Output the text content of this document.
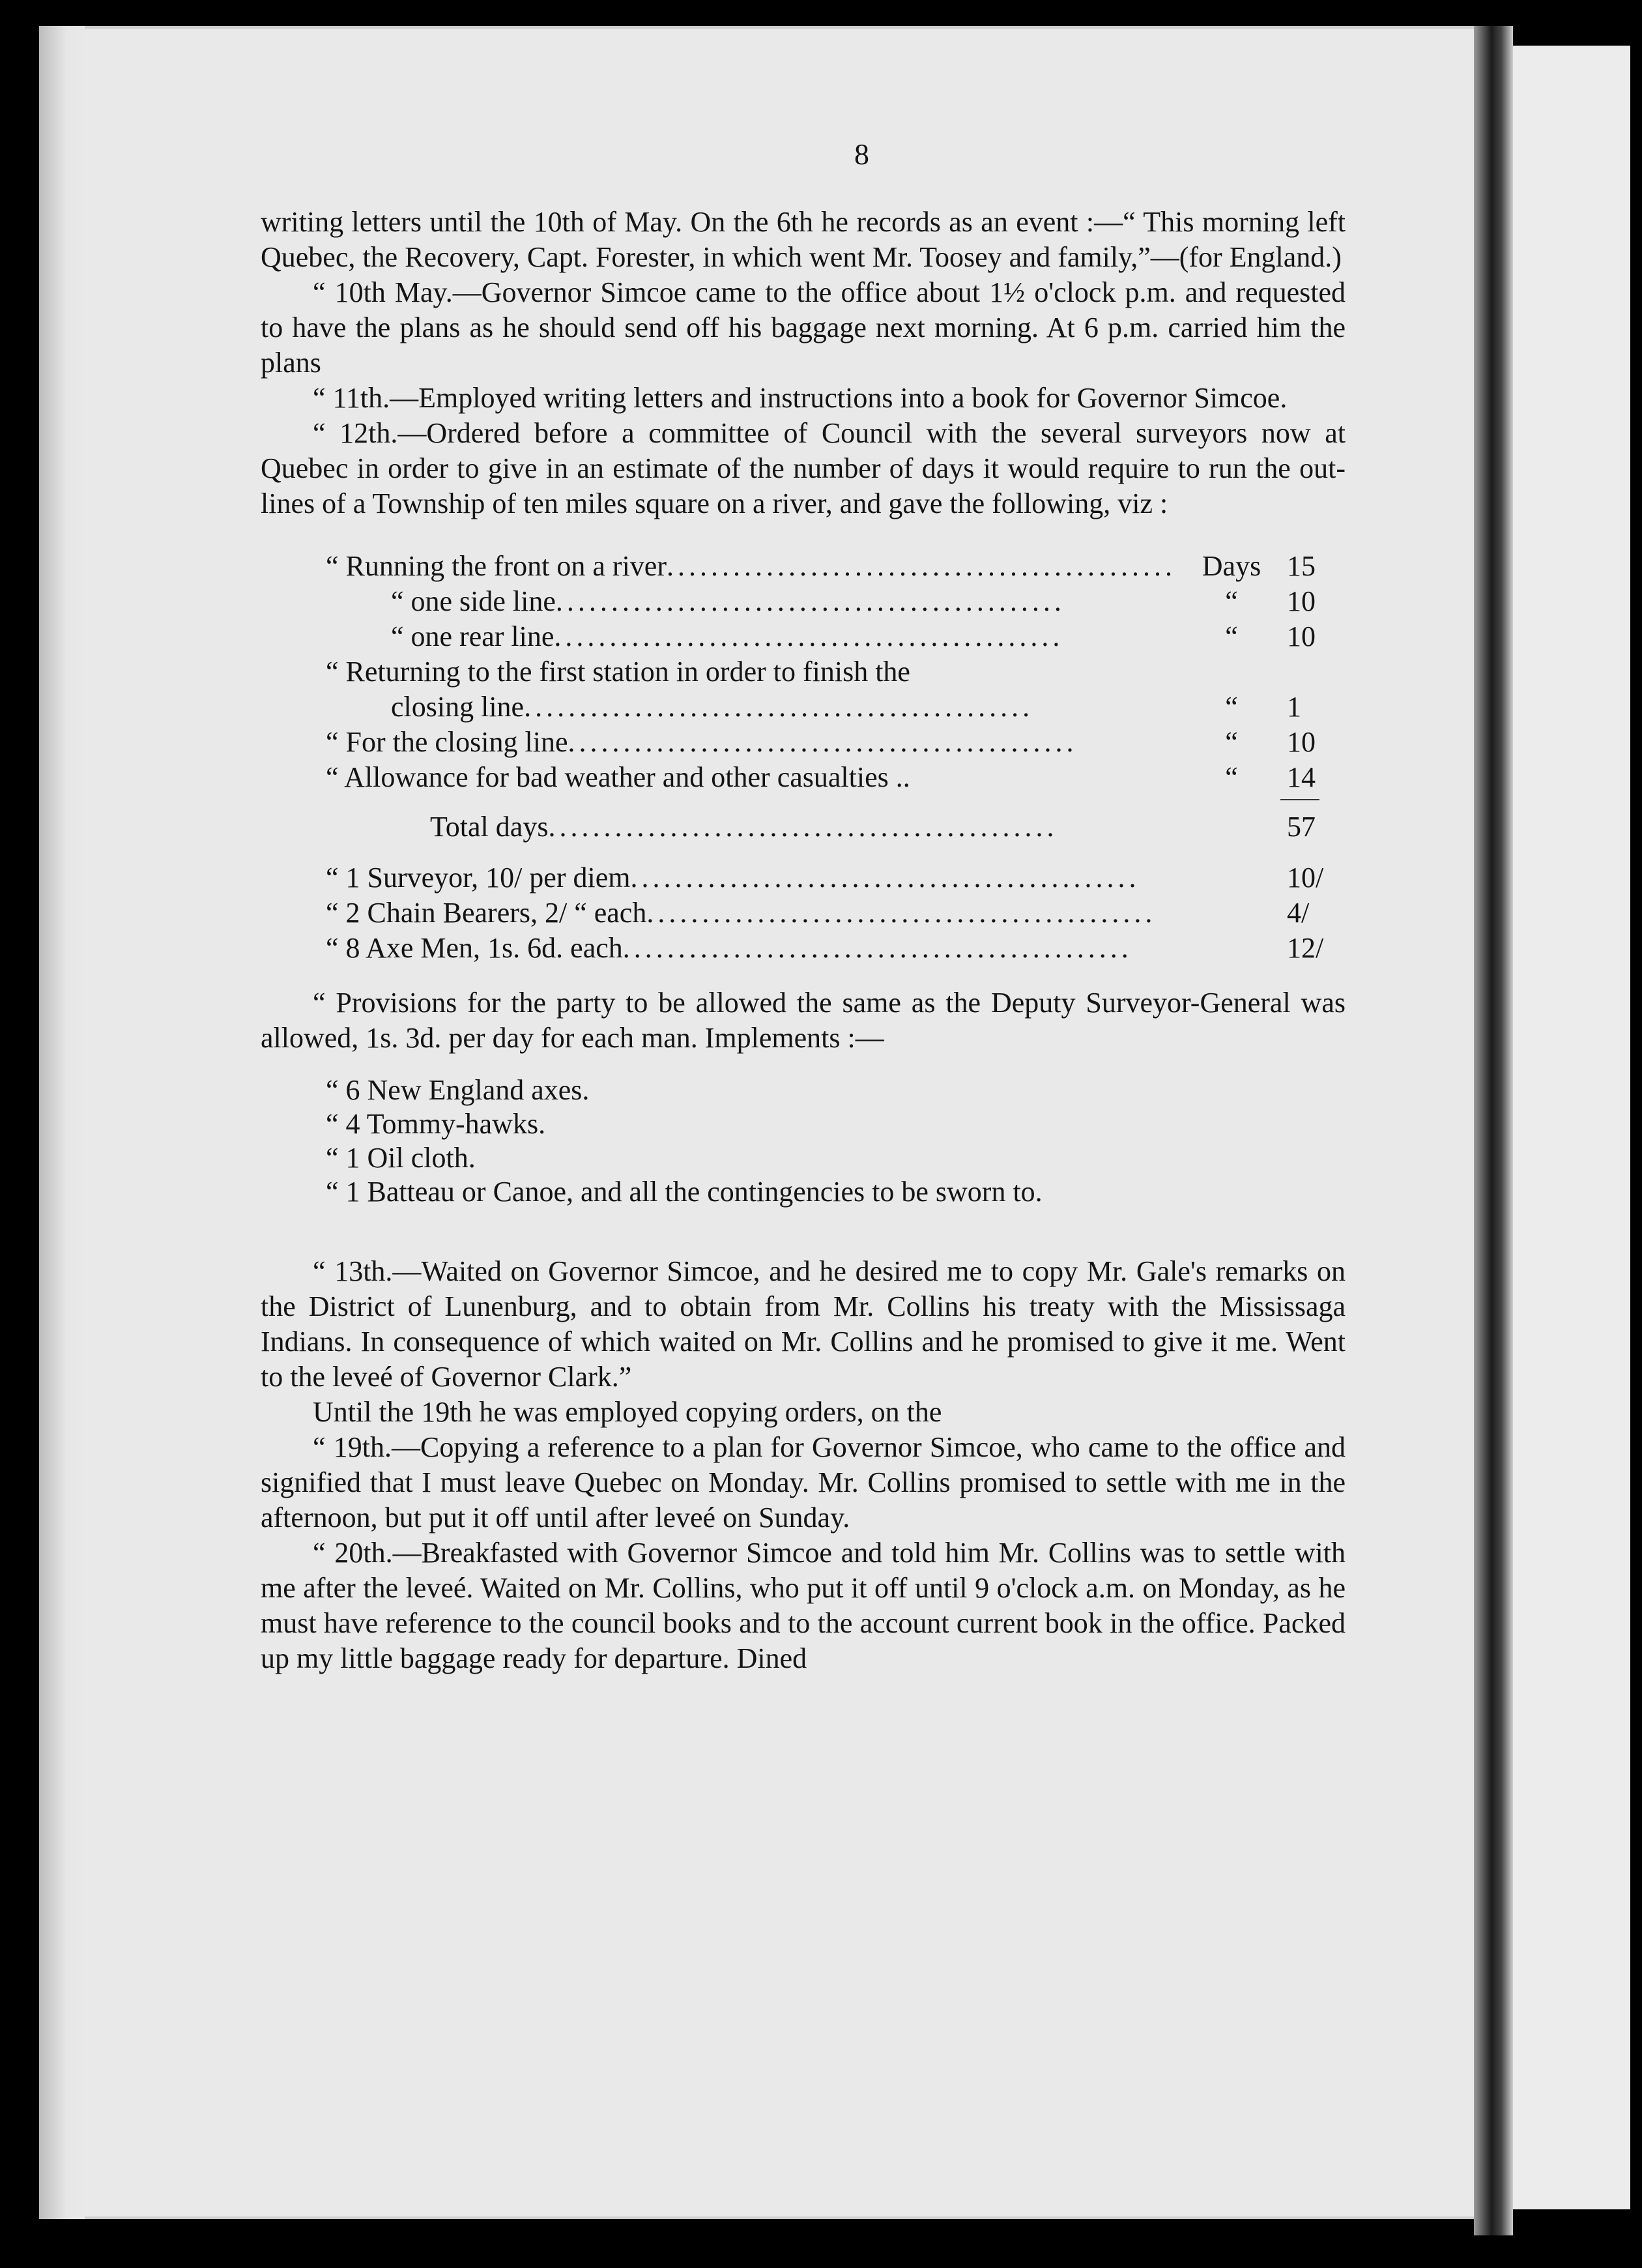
8

writing letters until the 10th of May. On the 6th he records as an event :—“ This morning left Quebec, the Recovery, Capt. Forester, in which went Mr. Toosey and family,”—(for England.)

“ 10th May.—Governor Simcoe came to the office about 1½ o'clock p.m. and requested to have the plans as he should send off his baggage next morning. At 6 p.m. carried him the plans

“ 11th.—Employed writing letters and instructions into a book for Governor Simcoe.

“ 12th.—Ordered before a committee of Council with the several surveyors now at Quebec in order to give in an estimate of the number of days it would require to run the out-lines of a Township of ten miles square on a river, and gave the following, viz :

“ Running the front on a river .............................................. Days 15
“ one side line ..............................................	“	10
“ one rear line ..............................................	“	10
“ Returning to the first station in order to finish the
closing line ..............................................	“	1
“ For the closing line ..............................................	“	10
“ Allowance for bad weather and other casualties ..	“	14
Total days ..............................................	57
“ 1 Surveyor, 10/ per diem ..............................................	10/
“ 2 Chain Bearers, 2/ “ each ..............................................	4/
“ 8 Axe Men, 1s. 6d. each ..............................................	12/

“ Provisions for the party to be allowed the same as the Deputy Surveyor-General was allowed, 1s. 3d. per day for each man. Implements :—

“ 6 New England axes.
“ 4 Tommy-hawks.
“ 1 Oil cloth.
“ 1 Batteau or Canoe, and all the contingencies to be sworn to.

“ 13th.—Waited on Governor Simcoe, and he desired me to copy Mr. Gale's remarks on the District of Lunenburg, and to obtain from Mr. Collins his treaty with the Mississaga Indians. In consequence of which waited on Mr. Collins and he promised to give it me. Went to the leveé of Governor Clark.”

Until the 19th he was employed copying orders, on the

“ 19th.—Copying a reference to a plan for Governor Simcoe, who came to the office and signified that I must leave Quebec on Monday. Mr. Collins promised to settle with me in the afternoon, but put it off until after leveé on Sunday.

“ 20th.—Breakfasted with Governor Simcoe and told him Mr. Collins was to settle with me after the leveé. Waited on Mr. Collins, who put it off until 9 o'clock a.m. on Monday, as he must have reference to the council books and to the account current book in the office. Packed up my little baggage ready for departure. Dined
